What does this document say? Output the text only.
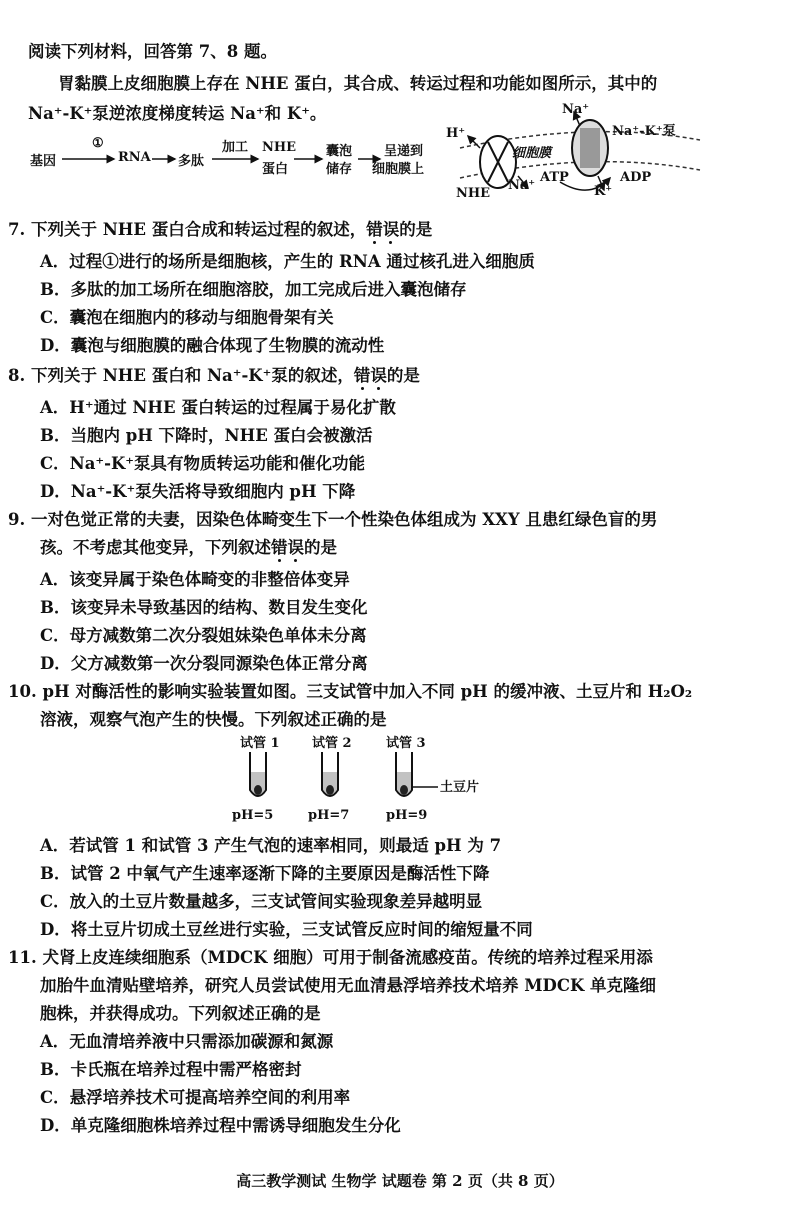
阅读下列材料，回答第 7、8 题。
胃黏膜上皮细胞膜上存在 NHE 蛋白，其合成、转运过程和功能如图所示，其中的
Na⁺-K⁺泵逆浓度梯度转运 Na⁺和 K⁺。
基因
①
RNA 多肽
加工 NHE
蛋白
囊泡
储存
呈递到
细胞膜上
H⁺
Na⁺
Na⁺-K⁺泵
细胞膜
NHE
Na⁺
ATP	ADP
K⁺
7. 下列关于 NHE 蛋白合成和转运过程的叙述，错误的是
A．过程①进行的场所是细胞核，产生的 RNA 通过核孔进入细胞质
B．多肽的加工场所在细胞溶胶，加工完成后进入囊泡储存
C．囊泡在细胞内的移动与细胞骨架有关
D．囊泡与细胞膜的融合体现了生物膜的流动性
8. 下列关于 NHE 蛋白和 Na⁺-K⁺泵的叙述，错误的是
A．H⁺通过 NHE 蛋白转运的过程属于易化扩散
B．当胞内 pH 下降时，NHE 蛋白会被激活
C．Na⁺-K⁺泵具有物质转运功能和催化功能
D．Na⁺-K⁺泵失活将导致细胞内 pH 下降
9. 一对色觉正常的夫妻，因染色体畸变生下一个性染色体组成为 XXY 且患红绿色盲的男
孩。不考虑其他变异，下列叙述错误的是
A．该变异属于染色体畸变的非整倍体变异
B．该变异未导致基因的结构、数目发生变化
C．母方减数第二次分裂姐妹染色单体未分离
D．父方减数第一次分裂同源染色体正常分离
10. pH 对酶活性的影响实验装置如图。三支试管中加入不同 pH 的缓冲液、土豆片和 H₂O₂
溶液，观察气泡产生的快慢。下列叙述正确的是
试管 1 试管 2	试管 3
土豆片
pH=5	pH=7	pH=9
A．若试管 1 和试管 3 产生气泡的速率相同，则最适 pH 为 7
B．试管 2 中氧气产生速率逐渐下降的主要原因是酶活性下降
C．放入的土豆片数量越多，三支试管间实验现象差异越明显
D．将土豆片切成土豆丝进行实验，三支试管反应时间的缩短量不同
11. 犬肾上皮连续细胞系（MDCK 细胞）可用于制备流感疫苗。传统的培养过程采用添
加胎牛血清贴壁培养，研究人员尝试使用无血清悬浮培养技术培养 MDCK 单克隆细
胞株，并获得成功。下列叙述正确的是
A．无血清培养液中只需添加碳源和氮源
B．卡氏瓶在培养过程中需严格密封
C．悬浮培养技术可提高培养空间的利用率
D．单克隆细胞株培养过程中需诱导细胞发生分化
高三教学测试 生物学 试题卷 第 2 页（共 8 页）
